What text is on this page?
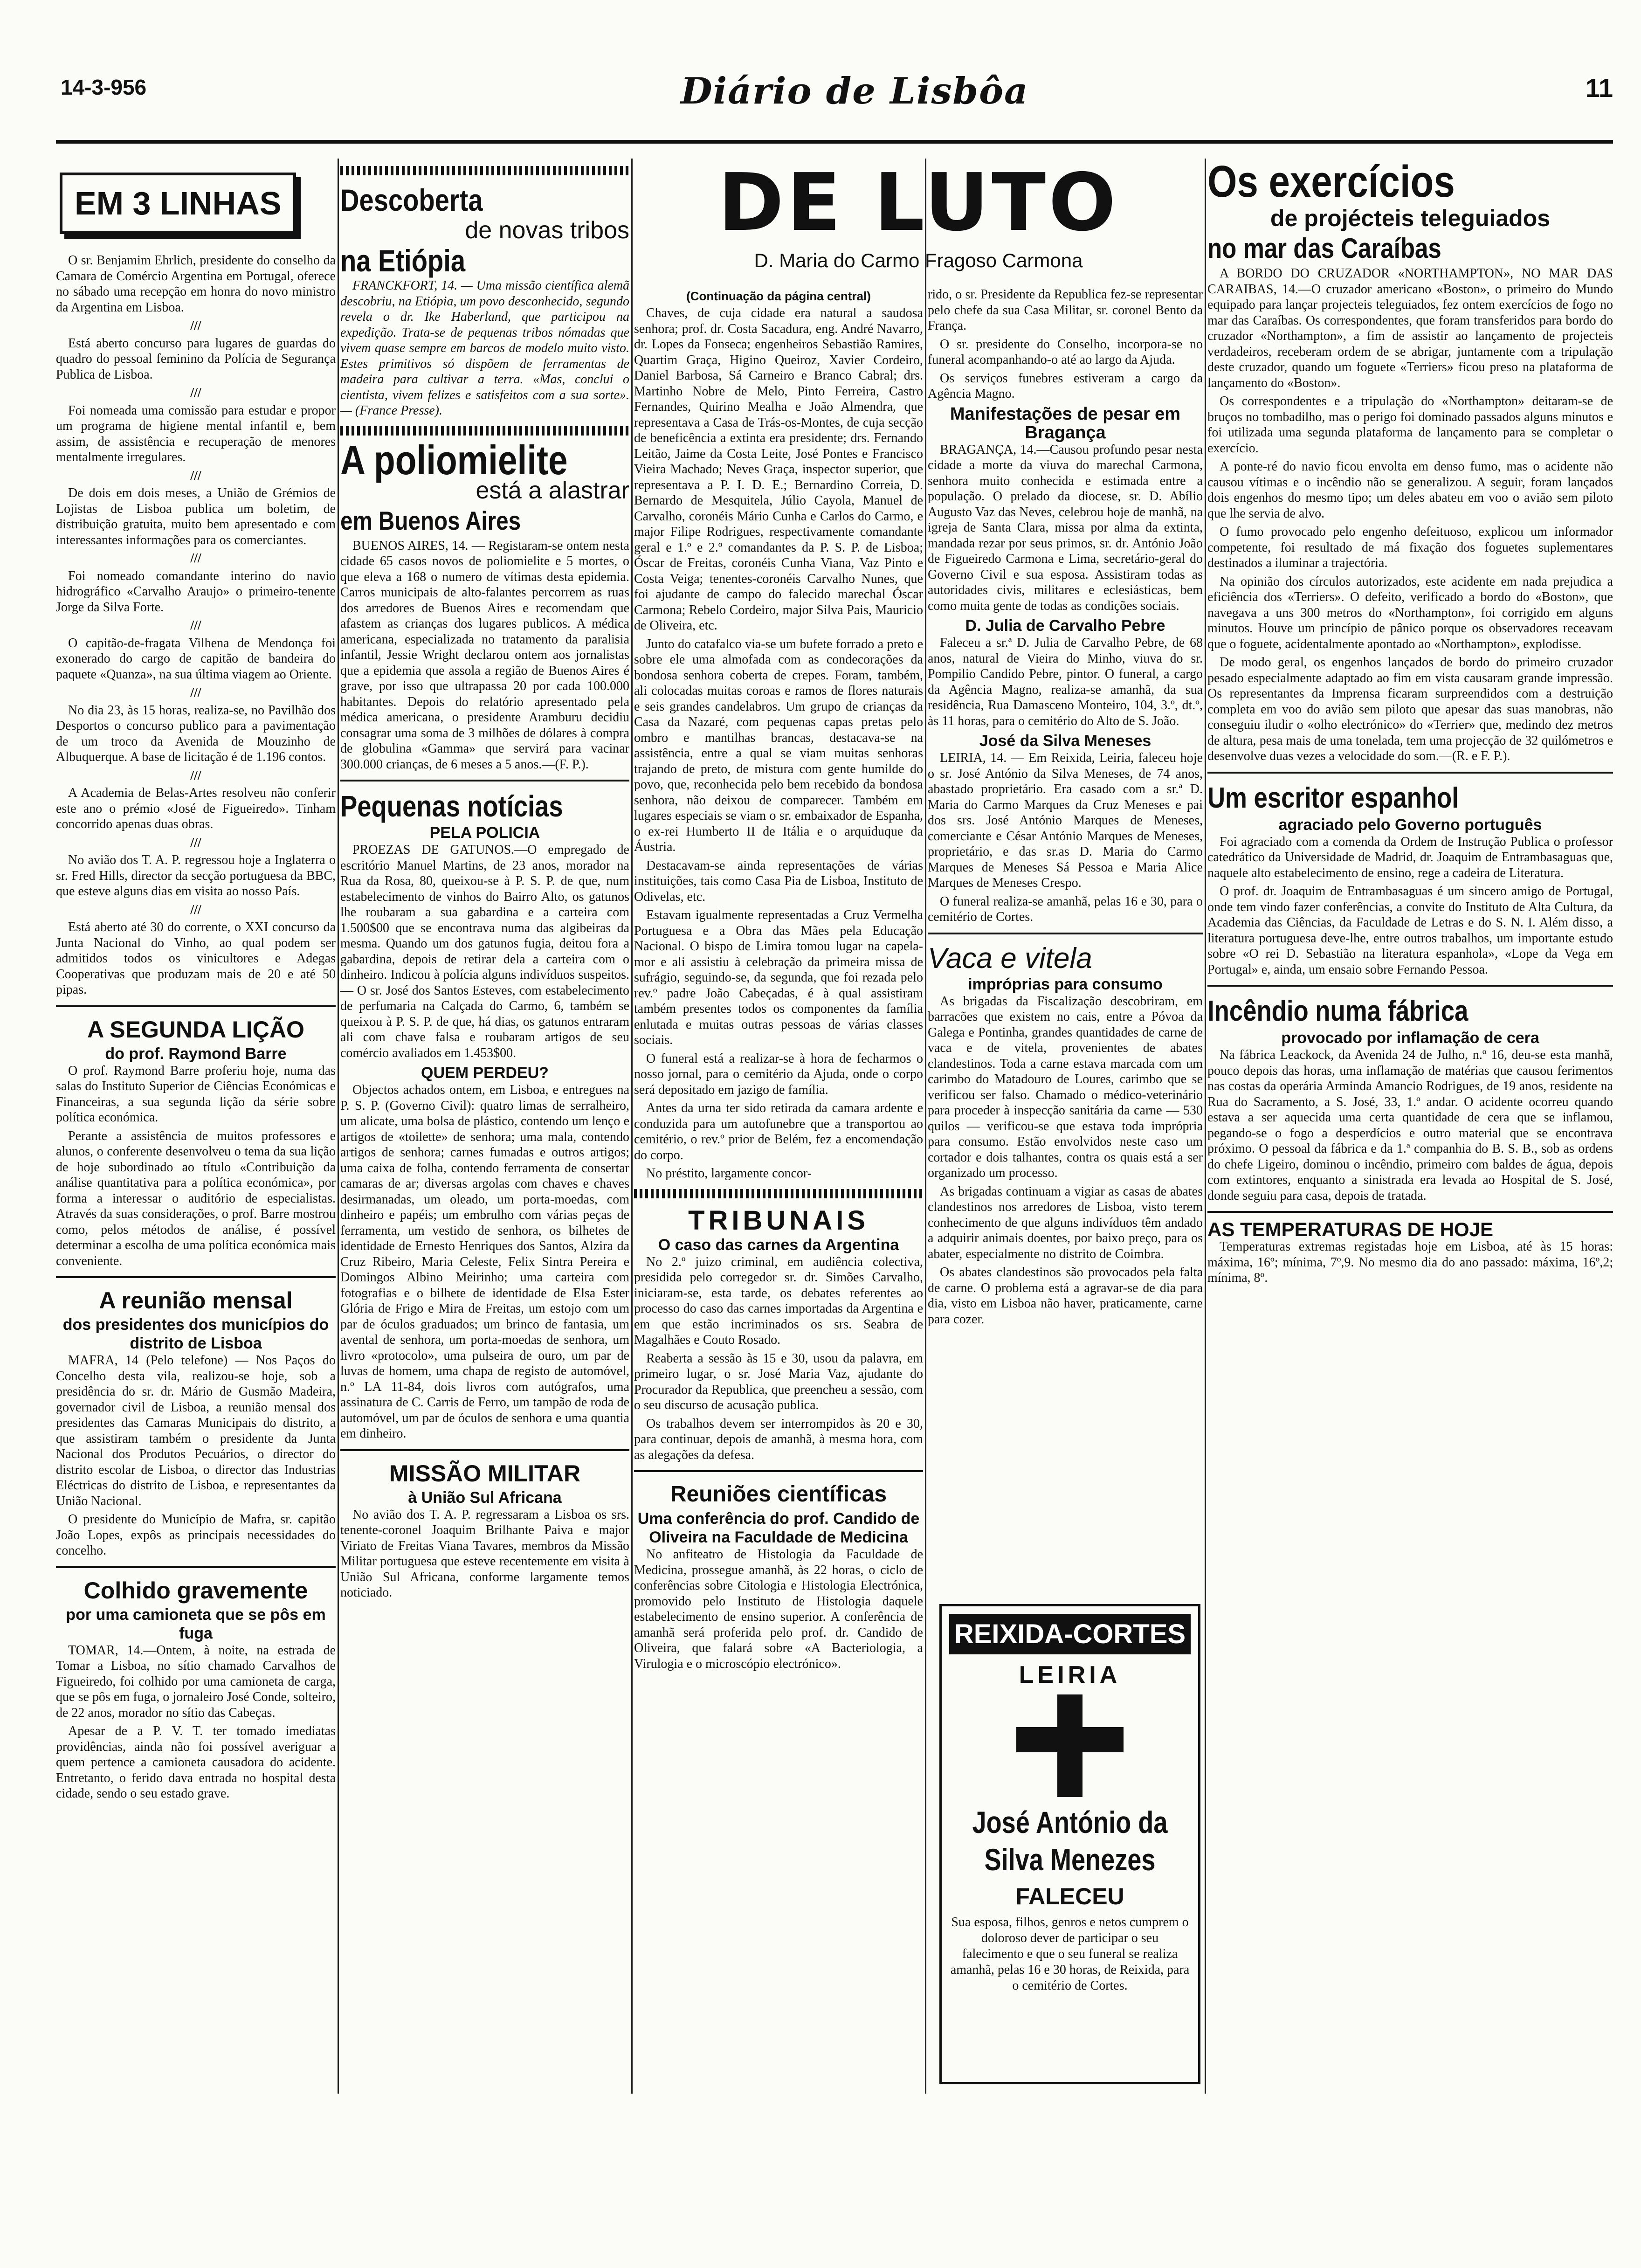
14-3-956	Diário de Lisbôa	11
EM 3 LINHAS

O sr. Benjamim Ehrlich, presidente do conselho da Camara de Comércio Argentina em Portugal, oferece no sábado uma recepção em honra do novo ministro da Argentina em Lisboa.

///

Está aberto concurso para lugares de guardas do quadro do pessoal feminino da Polícia de Segurança Publica de Lisboa.

///

Foi nomeada uma comissão para estudar e propor um programa de higiene mental infantil e, bem assim, de assistência e recuperação de menores mentalmente irregulares.

///

De dois em dois meses, a União de Grémios de Lojistas de Lisboa publica um boletim, de distribuição gratuita, muito bem apresentado e com interessantes informações para os comerciantes.

///

Foi nomeado comandante interino do navio hidrográfico «Carvalho Araujo» o primeiro-tenente Jorge da Silva Forte.

///

O capitão-de-fragata Vilhena de Mendonça foi exonerado do cargo de capitão de bandeira do paquete «Quanza», na sua última viagem ao Oriente.

///

No dia 23, às 15 horas, realiza-se, no Pavilhão dos Desportos o concurso publico para a pavimentação de um troco da Avenida de Mouzinho de Albuquerque. A base de licitação é de 1.196 contos.

///

A Academia de Belas-Artes resolveu não conferir este ano o prémio «José de Figueiredo». Tinham concorrido apenas duas obras.

///

No avião dos T. A. P. regressou hoje a Inglaterra o sr. Fred Hills, director da secção portuguesa da BBC, que esteve alguns dias em visita ao nosso País.

///

Está aberto até 30 do corrente, o XXI concurso da Junta Nacional do Vinho, ao qual podem ser admitidos todos os vinicultores e Adegas Cooperativas que produzam mais de 20 e até 50 pipas.

A SEGUNDA LIÇÃO
do prof. Raymond Barre

O prof. Raymond Barre proferiu hoje, numa das salas do Instituto Superior de Ciências Económicas e Financeiras, a sua segunda lição da série sobre política económica.

Perante a assistência de muitos professores e alunos, o conferente desenvolveu o tema da sua lição de hoje subordinado ao título «Contribuição da análise quantitativa para a política económica», por forma a interessar o auditório de especialistas. Através da suas considerações, o prof. Barre mostrou como, pelos métodos de análise, é possível determinar a escolha de uma política económica mais conveniente.

A reunião mensal
dos presidentes dos municípios do distrito de Lisboa

MAFRA, 14 (Pelo telefone) — Nos Paços do Concelho desta vila, realizou-se hoje, sob a presidência do sr. dr. Mário de Gusmão Madeira, governador civil de Lisboa, a reunião mensal dos presidentes das Camaras Municipais do distrito, a que assistiram também o presidente da Junta Nacional dos Produtos Pecuários, o director do distrito escolar de Lisboa, o director das Industrias Eléctricas do distrito de Lisboa, e representantes da União Nacional.

O presidente do Município de Mafra, sr. capitão João Lopes, expôs as principais necessidades do concelho.

Colhido gravemente
por uma camioneta que se pôs em fuga

TOMAR, 14.—Ontem, à noite, na estrada de Tomar a Lisboa, no sítio chamado Carvalhos de Figueiredo, foi colhido por uma camioneta de carga, que se pôs em fuga, o jornaleiro José Conde, solteiro, de 22 anos, morador no sítio das Cabeças.

Apesar de a P. V. T. ter tomado imediatas providências, ainda não foi possível averiguar a quem pertence a camioneta causadora do acidente. Entretanto, o ferido dava entrada no hospital desta cidade, sendo o seu estado grave.

Descoberta
de novas tribos
na Etiópia

FRANCKFORT, 14. — Uma missão científica alemã descobriu, na Etiópia, um povo desconhecido, segundo revela o dr. Ike Haberland, que participou na expedição. Trata-se de pequenas tribos nómadas que vivem quase sempre em barcos de modelo muito visto. Estes primitivos só dispõem de ferramentas de madeira para cultivar a terra. «Mas, conclui o cientista, vivem felizes e satisfeitos com a sua sorte». — (France Presse).

A poliomielite
está a alastrar
em Buenos Aires

BUENOS AIRES, 14. — Registaram-se ontem nesta cidade 65 casos novos de poliomielite e 5 mortes, o que eleva a 168 o numero de vítimas desta epidemia. Carros municipais de alto-falantes percorrem as ruas dos arredores de Buenos Aires e recomendam que afastem as crianças dos lugares publicos. A médica americana, especializada no tratamento da paralisia infantil, Jessie Wright declarou ontem aos jornalistas que a epidemia que assola a região de Buenos Aires é grave, por isso que ultrapassa 20 por cada 100.000 habitantes. Depois do relatório apresentado pela médica americana, o presidente Aramburu decidiu consagrar uma soma de 3 milhões de dólares à compra de globulina «Gamma» que servirá para vacinar 300.000 crianças, de 6 meses a 5 anos.—(F. P.).

Pequenas notícias
PELA POLICIA

PROEZAS DE GATUNOS.—O empregado de escritório Manuel Martins, de 23 anos, morador na Rua da Rosa, 80, queixou-se à P. S. P. de que, num estabelecimento de vinhos do Bairro Alto, os gatunos lhe roubaram a sua gabardina e a carteira com 1.500$00 que se encontrava numa das algibeiras da mesma. Quando um dos gatunos fugia, deitou fora a gabardina, depois de retirar dela a carteira com o dinheiro. Indicou à polícia alguns indivíduos suspeitos. — O sr. José dos Santos Esteves, com estabelecimento de perfumaria na Calçada do Carmo, 6, também se queixou à P. S. P. de que, há dias, os gatunos entraram ali com chave falsa e roubaram artigos de seu comércio avaliados em 1.453$00.

QUEM PERDEU?

Objectos achados ontem, em Lisboa, e entregues na P. S. P. (Governo Civil): quatro limas de serralheiro, um alicate, uma bolsa de plástico, contendo um lenço e artigos de «toilette» de senhora; uma mala, contendo artigos de senhora; carnes fumadas e outros artigos; uma caixa de folha, contendo ferramenta de consertar camaras de ar; diversas argolas com chaves e chaves desirmanadas, um oleado, um porta-moedas, com dinheiro e papéis; um embrulho com várias peças de ferramenta, um vestido de senhora, os bilhetes de identidade de Ernesto Henriques dos Santos, Alzira da Cruz Ribeiro, Maria Celeste, Felix Sintra Pereira e Domingos Albino Meirinho; uma carteira com fotografias e o bilhete de identidade de Elsa Ester Glória de Frigo e Mira de Freitas, um estojo com um par de óculos graduados; um brinco de fantasia, um avental de senhora, um porta-moedas de senhora, um livro «protocolo», uma pulseira de ouro, um par de luvas de homem, uma chapa de registo de automóvel, n.º LA 11-84, dois livros com autógrafos, uma assinatura de C. Carris de Ferro, um tampão de roda de automóvel, um par de óculos de senhora e uma quantia em dinheiro.

MISSÃO MILITAR
à União Sul Africana

No avião dos T. A. P. regressaram a Lisboa os srs. tenente-coronel Joaquim Brilhante Paiva e major Viriato de Freitas Viana Tavares, membros da Missão Militar portuguesa que esteve recentemente em visita à União Sul Africana, conforme largamente temos noticiado.

DE LUTO
D. Maria do Carmo Fragoso Carmona
(Continuação da página central)

Chaves, de cuja cidade era natural a saudosa senhora; prof. dr. Costa Sacadura, eng. André Navarro, dr. Lopes da Fonseca; engenheiros Sebastião Ramires, Quartim Graça, Higino Queiroz, Xavier Cordeiro, Daniel Barbosa, Sá Carneiro e Branco Cabral; drs. Martinho Nobre de Melo, Pinto Ferreira, Castro Fernandes, Quirino Mealha e João Almendra, que representava a Casa de Trás-os-Montes, de cuja secção de beneficência a extinta era presidente; drs. Fernando Leitão, Jaime da Costa Leite, José Pontes e Francisco Vieira Machado; Neves Graça, inspector superior, que representava a P. I. D. E.; Bernardino Correia, D. Bernardo de Mesquitela, Júlio Cayola, Manuel de Carvalho, coronéis Mário Cunha e Carlos do Carmo, e major Filipe Rodrigues, respectivamente comandante geral e 1.º e 2.º comandantes da P. S. P. de Lisboa; Óscar de Freitas, coronéis Cunha Viana, Vaz Pinto e Costa Veiga; tenentes-coronéis Carvalho Nunes, que foi ajudante de campo do falecido marechal Óscar Carmona; Rebelo Cordeiro, major Silva Pais, Mauricio de Oliveira, etc.

Junto do catafalco via-se um bufete forrado a preto e sobre ele uma almofada com as condecorações da bondosa senhora coberta de crepes. Foram, também, ali colocadas muitas coroas e ramos de flores naturais e seis grandes candelabros. Um grupo de crianças da Casa da Nazaré, com pequenas capas pretas pelo ombro e mantilhas brancas, destacava-se na assistência, entre a qual se viam muitas senhoras trajando de preto, de mistura com gente humilde do povo, que, reconhecida pelo bem recebido da bondosa senhora, não deixou de comparecer. Também em lugares especiais se viam o sr. embaixador de Espanha, o ex-rei Humberto II de Itália e o arquiduque da Áustria.

Destacavam-se ainda representações de várias instituições, tais como Casa Pia de Lisboa, Instituto de Odivelas, etc.

Estavam igualmente representadas a Cruz Vermelha Portuguesa e a Obra das Mães pela Educação Nacional. O bispo de Limira tomou lugar na capela-mor e ali assistiu à celebração da primeira missa de sufrágio, seguindo-se, da segunda, que foi rezada pelo rev.º padre João Cabeçadas, é à qual assistiram também presentes todos os componentes da família enlutada e muitas outras pessoas de várias classes sociais.

O funeral está a realizar-se à hora de fecharmos o nosso jornal, para o cemitério da Ajuda, onde o corpo será depositado em jazigo de família.

Antes da urna ter sido retirada da camara ardente e conduzida para um autofunebre que a transportou ao cemitério, o rev.º prior de Belém, fez a encomendação do corpo.

No préstito, largamente concor-

TRIBUNAIS
O caso das carnes da Argentina

No 2.º juizo criminal, em audiência colectiva, presidida pelo corregedor sr. dr. Simões Carvalho, iniciaram-se, esta tarde, os debates referentes ao processo do caso das carnes importadas da Argentina e em que estão incriminados os srs. Seabra de Magalhães e Couto Rosado.

Reaberta a sessão às 15 e 30, usou da palavra, em primeiro lugar, o sr. José Maria Vaz, ajudante do Procurador da Republica, que preencheu a sessão, com o seu discurso de acusação publica.

Os trabalhos devem ser interrompidos às 20 e 30, para continuar, depois de amanhã, à mesma hora, com as alegações da defesa.

Reuniões científicas
Uma conferência do prof. Candido de Oliveira na Faculdade de Medicina

No anfiteatro de Histologia da Faculdade de Medicina, prossegue amanhã, às 22 horas, o ciclo de conferências sobre Citologia e Histologia Electrónica, promovido pelo Instituto de Histologia daquele estabelecimento de ensino superior. A conferência de amanhã será proferida pelo prof. dr. Candido de Oliveira, que falará sobre «A Bacteriologia, a Virulogia e o microscópio electrónico».

rido, o sr. Presidente da Republica fez-se representar pelo chefe da sua Casa Militar, sr. coronel Bento da França.

O sr. presidente do Conselho, incorpora-se no funeral acompanhando-o até ao largo da Ajuda.

Os serviços funebres estiveram a cargo da Agência Magno.

Manifestações de pesar em Bragança

BRAGANÇA, 14.—Causou profundo pesar nesta cidade a morte da viuva do marechal Carmona, senhora muito conhecida e estimada entre a população. O prelado da diocese, sr. D. Abílio Augusto Vaz das Neves, celebrou hoje de manhã, na igreja de Santa Clara, missa por alma da extinta, mandada rezar por seus primos, sr. dr. António João de Figueiredo Carmona e Lima, secretário-geral do Governo Civil e sua esposa. Assistiram todas as autoridades civis, militares e eclesiásticas, bem como muita gente de todas as condições sociais.

D. Julia de Carvalho Pebre

Faleceu a sr.ª D. Julia de Carvalho Pebre, de 68 anos, natural de Vieira do Minho, viuva do sr. Pompilio Candido Pebre, pintor. O funeral, a cargo da Agência Magno, realiza-se amanhã, da sua residência, Rua Damasceno Monteiro, 104, 3.º, dt.º, às 11 horas, para o cemitério do Alto de S. João.

José da Silva Meneses

LEIRIA, 14. — Em Reixida, Leiria, faleceu hoje o sr. José António da Silva Meneses, de 74 anos, abastado proprietário. Era casado com a sr.ª D. Maria do Carmo Marques da Cruz Meneses e pai dos srs. José António Marques de Meneses, comerciante e César António Marques de Meneses, proprietário, e das sr.as D. Maria do Carmo Marques de Meneses Sá Pessoa e Maria Alice Marques de Meneses Crespo.

O funeral realiza-se amanhã, pelas 16 e 30, para o cemitério de Cortes.

Vaca e vitela
impróprias para consumo

As brigadas da Fiscalização descobriram, em barracões que existem no cais, entre a Póvoa da Galega e Pontinha, grandes quantidades de carne de vaca e de vitela, provenientes de abates clandestinos. Toda a carne estava marcada com um carimbo do Matadouro de Loures, carimbo que se verificou ser falso. Chamado o médico-veterinário para proceder à inspecção sanitária da carne — 530 quilos — verificou-se que estava toda imprópria para consumo. Estão envolvidos neste caso um cortador e dois talhantes, contra os quais está a ser organizado um processo.

As brigadas continuam a vigiar as casas de abates clandestinos nos arredores de Lisboa, visto terem conhecimento de que alguns indivíduos têm andado a adquirir animais doentes, por baixo preço, para os abater, especialmente no distrito de Coimbra.

Os abates clandestinos são provocados pela falta de carne. O problema está a agravar-se de dia para dia, visto em Lisboa não haver, praticamente, carne para cozer.

REIXIDA-CORTES
LEIRIA
José António da Silva Menezes
FALECEU
Sua esposa, filhos, genros e netos cumprem o doloroso dever de participar o seu falecimento e que o seu funeral se realiza amanhã, pelas 16 e 30 horas, de Reixida, para o cemitério de Cortes.
Os exercícios
de projécteis teleguiados
no mar das Caraíbas

A BORDO DO CRUZADOR «NORTHAMPTON», NO MAR DAS CARAIBAS, 14.—O cruzador americano «Boston», o primeiro do Mundo equipado para lançar projecteis teleguiados, fez ontem exercícios de fogo no mar das Caraíbas. Os correspondentes, que foram transferidos para bordo do cruzador «Northampton», a fim de assistir ao lançamento de projecteis verdadeiros, receberam ordem de se abrigar, juntamente com a tripulação deste cruzador, quando um foguete «Terriers» ficou preso na plataforma de lançamento do «Boston».

Os correspondentes e a tripulação do «Northampton» deitaram-se de bruços no tombadilho, mas o perigo foi dominado passados alguns minutos e foi utilizada uma segunda plataforma de lançamento para se completar o exercício.

A ponte-ré do navio ficou envolta em denso fumo, mas o acidente não causou vítimas e o incêndio não se generalizou. A seguir, foram lançados dois engenhos do mesmo tipo; um deles abateu em voo o avião sem piloto que lhe servia de alvo.

O fumo provocado pelo engenho defeituoso, explicou um informador competente, foi resultado de má fixação dos foguetes suplementares destinados a iluminar a trajectória.

Na opinião dos círculos autorizados, este acidente em nada prejudica a eficiência dos «Terriers». O defeito, verificado a bordo do «Boston», que navegava a uns 300 metros do «Northampton», foi corrigido em alguns minutos. Houve um princípio de pânico porque os observadores receavam que o foguete, acidentalmente apontado ao «Northampton», explodisse.

De modo geral, os engenhos lançados de bordo do primeiro cruzador pesado especialmente adaptado ao fim em vista causaram grande impressão. Os representantes da Imprensa ficaram surpreendidos com a destruição completa em voo do avião sem piloto que apesar das suas manobras, não conseguiu iludir o «olho electrónico» do «Terrier» que, medindo dez metros de altura, pesa mais de uma tonelada, tem uma projecção de 32 quilómetros e desenvolve duas vezes a velocidade do som.—(R. e F. P.).

Um escritor espanhol
agraciado pelo Governo português

Foi agraciado com a comenda da Ordem de Instrução Publica o professor catedrático da Universidade de Madrid, dr. Joaquim de Entrambasaguas que, naquele alto estabelecimento de ensino, rege a cadeira de Literatura.

O prof. dr. Joaquim de Entrambasaguas é um sincero amigo de Portugal, onde tem vindo fazer conferências, a convite do Instituto de Alta Cultura, da Academia das Ciências, da Faculdade de Letras e do S. N. I. Além disso, a literatura portuguesa deve-lhe, entre outros trabalhos, um importante estudo sobre «O rei D. Sebastião na literatura espanhola», «Lope da Vega em Portugal» e, ainda, um ensaio sobre Fernando Pessoa.

Incêndio numa fábrica
provocado por inflamação de cera

Na fábrica Leackock, da Avenida 24 de Julho, n.º 16, deu-se esta manhã, pouco depois das horas, uma inflamação de matérias que causou ferimentos nas costas da operária Arminda Amancio Rodrigues, de 19 anos, residente na Rua do Sacramento, a S. José, 33, 1.º andar. O acidente ocorreu quando estava a ser aquecida uma certa quantidade de cera que se inflamou, pegando-se o fogo a desperdícios e outro material que se encontrava próximo. O pessoal da fábrica e da 1.ª companhia do B. S. B., sob as ordens do chefe Ligeiro, dominou o incêndio, primeiro com baldes de água, depois com extintores, enquanto a sinistrada era levada ao Hospital de S. José, donde seguiu para casa, depois de tratada.

AS TEMPERATURAS DE HOJE

Temperaturas extremas registadas hoje em Lisboa, até às 15 horas: máxima, 16º; mínima, 7º,9. No mesmo dia do ano passado: máxima, 16º,2; mínima, 8º.
